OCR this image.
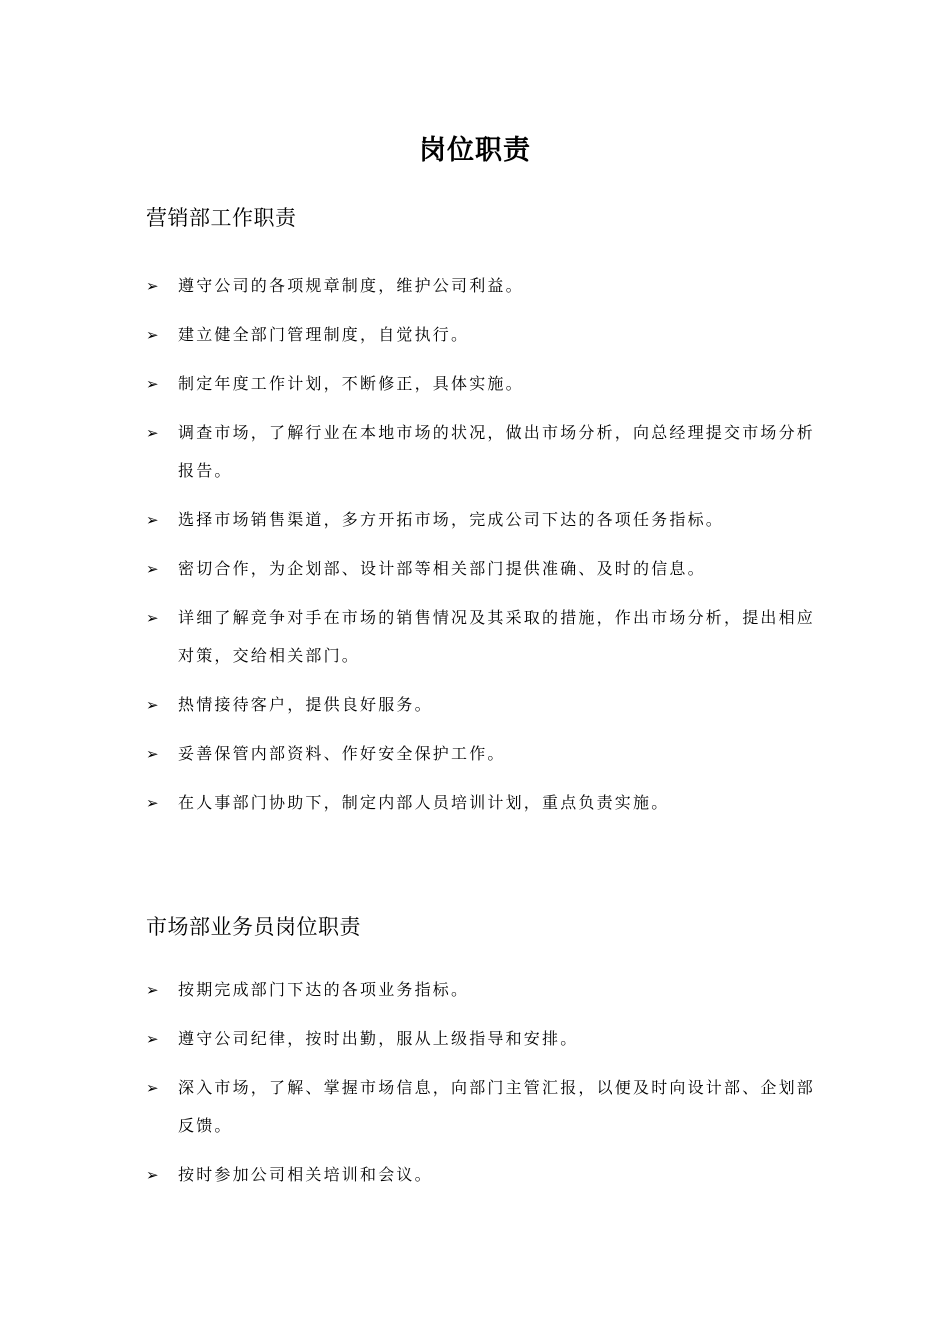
岗位职责
营销部工作职责
➢ 遵守公司的各项规章制度，维护公司利益。
➢ 建立健全部门管理制度，自觉执行。
➢ 制定年度工作计划，不断修正，具体实施。
➢ 调查市场，了解行业在本地市场的状况，做出市场分析，向总经理提交市场分析报告。
➢ 选择市场销售渠道，多方开拓市场，完成公司下达的各项任务指标。
➢ 密切合作，为企划部、设计部等相关部门提供准确、及时的信息。
➢ 详细了解竞争对手在市场的销售情况及其采取的措施，作出市场分析，提出相应对策，交给相关部门。
➢ 热情接待客户，提供良好服务。
➢ 妥善保管内部资料、作好安全保护工作。
➢ 在人事部门协助下，制定内部人员培训计划，重点负责实施。
市场部业务员岗位职责
➢ 按期完成部门下达的各项业务指标。
➢ 遵守公司纪律，按时出勤，服从上级指导和安排。
➢ 深入市场，了解、掌握市场信息，向部门主管汇报，以便及时向设计部、企划部反馈。
➢ 按时参加公司相关培训和会议。
